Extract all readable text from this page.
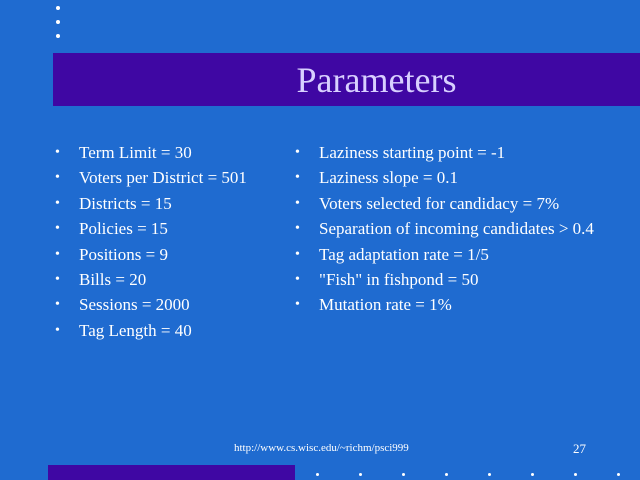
Parameters
•	Term Limit = 30
•	Voters per District = 501
•	Districts = 15
•	Policies = 15
•	Positions = 9
•	Bills = 20
•	Sessions = 2000
•	Tag Length = 40
•	Laziness starting point = -1
•	Laziness slope = 0.1
•	Voters selected for candidacy = 7%
•	Separation of incoming candidates > 0.4
•	Tag adaptation rate = 1/5
•	"Fish" in fishpond = 50
•	Mutation rate = 1%
http://www.cs.wisc.edu/~richm/psci999	27
